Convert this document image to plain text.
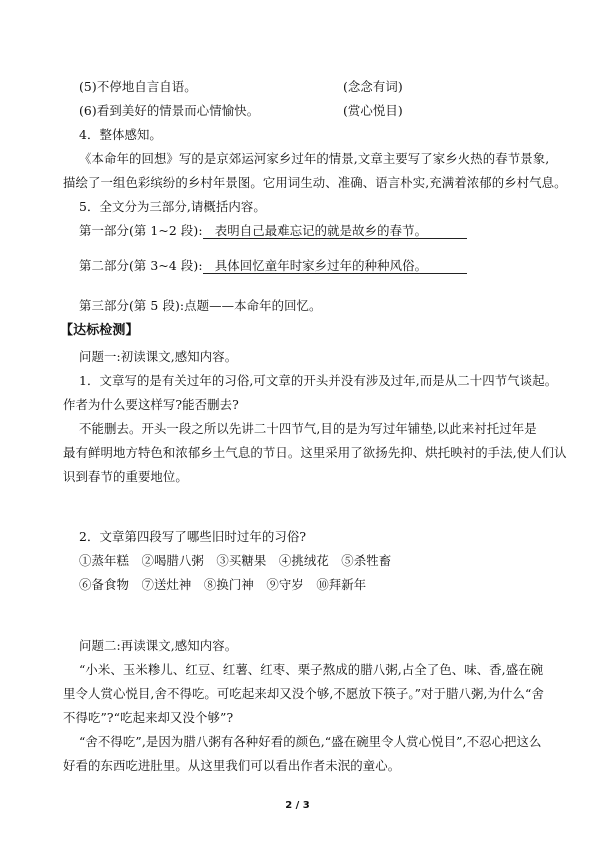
(5)不停地自言自语。	(念念有词)
(6)看到美好的情景而心情愉快。	(赏心悦目)
4．整体感知。
《本命年的回想》写的是京郊运河家乡过年的情景,文章主要写了家乡火热的春节景象,
描绘了一组色彩缤纷的乡村年景图。它用词生动、准确、语言朴实,充满着浓郁的乡村气息。
5．全文分为三部分,请概括内容。
第一部分(第 1~2 段): 表明自己最难忘记的就是故乡的春节。
第二部分(第 3~4 段): 具体回忆童年时家乡过年的种种风俗。
第三部分(第 5 段):点题——本命年的回忆。
【达标检测】
问题一:初读课文,感知内容。
1．文章写的是有关过年的习俗,可文章的开头并没有涉及过年,而是从二十四节气谈起。
作者为什么要这样写?能否删去?
不能删去。开头一段之所以先讲二十四节气,目的是为写过年铺垫,以此来衬托过年是
最有鲜明地方特色和浓郁乡土气息的节日。这里采用了欲扬先抑、烘托映衬的手法,使人们认
识到春节的重要地位。
2．文章第四段写了哪些旧时过年的习俗?
①蒸年糕　②喝腊八粥　③买糖果　④挑绒花　⑤杀牲畜
⑥备食物　⑦送灶神　⑧换门神　⑨守岁　⑩拜新年
问题二:再读课文,感知内容。
“小米、玉米糁儿、红豆、红薯、红枣、栗子熬成的腊八粥,占全了色、味、香,盛在碗
里令人赏心悦目,舍不得吃。可吃起来却又没个够,不愿放下筷子。”对于腊八粥,为什么“舍
不得吃”?“吃起来却又没个够”?
“舍不得吃”,是因为腊八粥有各种好看的颜色,“盛在碗里令人赏心悦目”,不忍心把这么
好看的东西吃进肚里。从这里我们可以看出作者未泯的童心。
2 / 3
